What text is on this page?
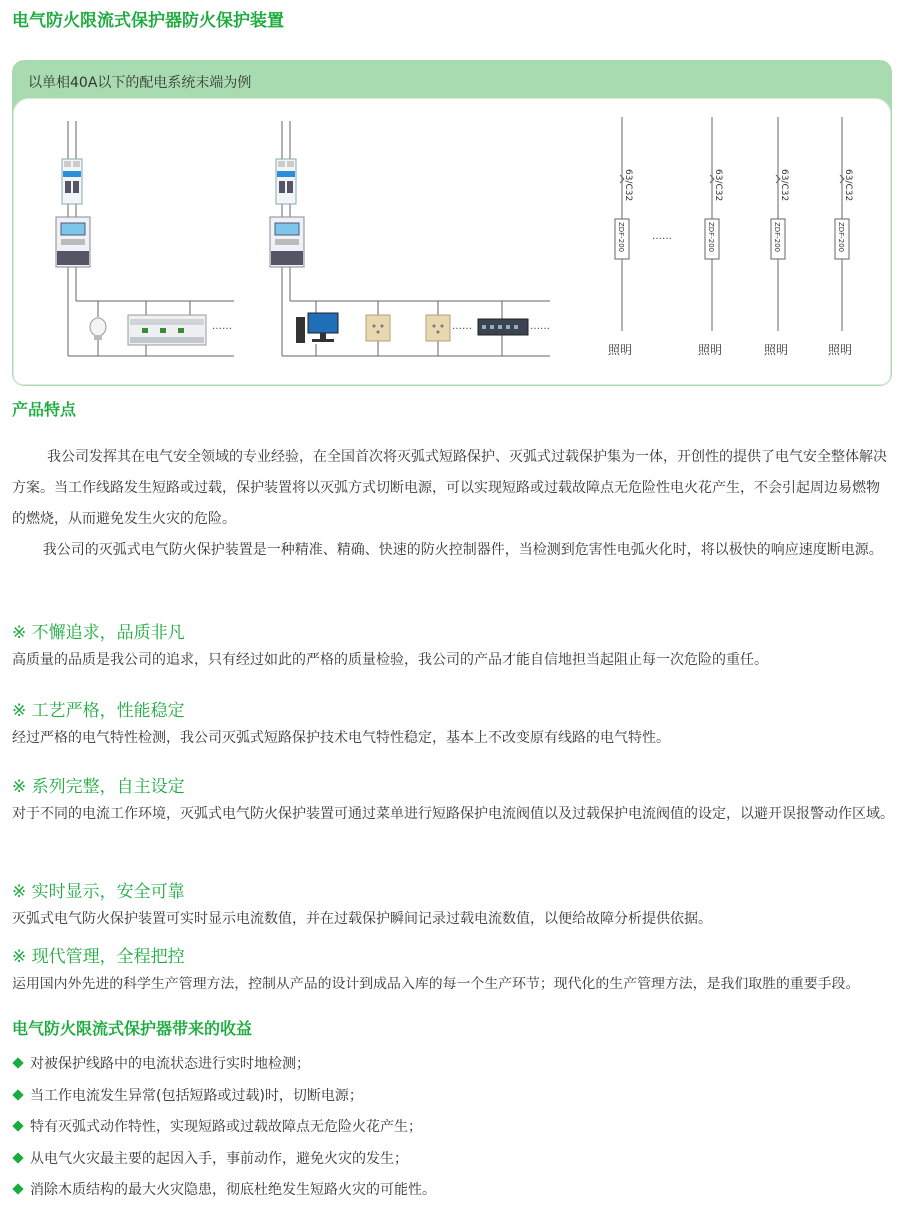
电气防火限流式保护器防火保护装置
以单相40A以下的配电系统末端为例
……	……	……
63/C32
ZDF-200
照明
……
63/C32
ZDF-200
照明
63/C32
ZDF-200
照明
63/C32
ZDF-200
照明
产品特点

我公司发挥其在电气安全领域的专业经验，在全国首次将灭弧式短路保护、灭弧式过载保护集为一体，开创性的提供了电气安全整体解决方案。当工作线路发生短路或过载，保护装置将以灭弧方式切断电源，可以实现短路或过载故障点无危险性电火花产生，不会引起周边易燃物的燃烧，从而避免发生火灾的危险。

我公司的灭弧式电气防火保护装置是一种精准、精确、快速的防火控制器件，当检测到危害性电弧火化时，将以极快的响应速度断电源。

※ 不懈追求，品质非凡

高质量的品质是我公司的追求，只有经过如此的严格的质量检验，我公司的产品才能自信地担当起阻止每一次危险的重任。

※ 工艺严格，性能稳定

经过严格的电气特性检测，我公司灭弧式短路保护技术电气特性稳定，基本上不改变原有线路的电气特性。

※ 系列完整，自主设定

对于不同的电流工作环境，灭弧式电气防火保护装置可通过菜单进行短路保护电流阀值以及过载保护电流阀值的设定，以避开误报警动作区域。

※ 实时显示，安全可靠

灭弧式电气防火保护装置可实时显示电流数值，并在过载保护瞬间记录过载电流数值，以便给故障分析提供依据。

※ 现代管理，全程把控

运用国内外先进的科学生产管理方法，控制从产品的设计到成品入库的每一个生产环节；现代化的生产管理方法，是我们取胜的重要手段。

电气防火限流式保护器带来的收益
对被保护线路中的电流状态进行实时地检测；
当工作电流发生异常(包括短路或过载)时，切断电源；
特有灭弧式动作特性，实现短路或过载故障点无危险火花产生；
从电气火灾最主要的起因入手，事前动作，避免火灾的发生；
消除木质结构的最大火灾隐患，彻底杜绝发生短路火灾的可能性。
